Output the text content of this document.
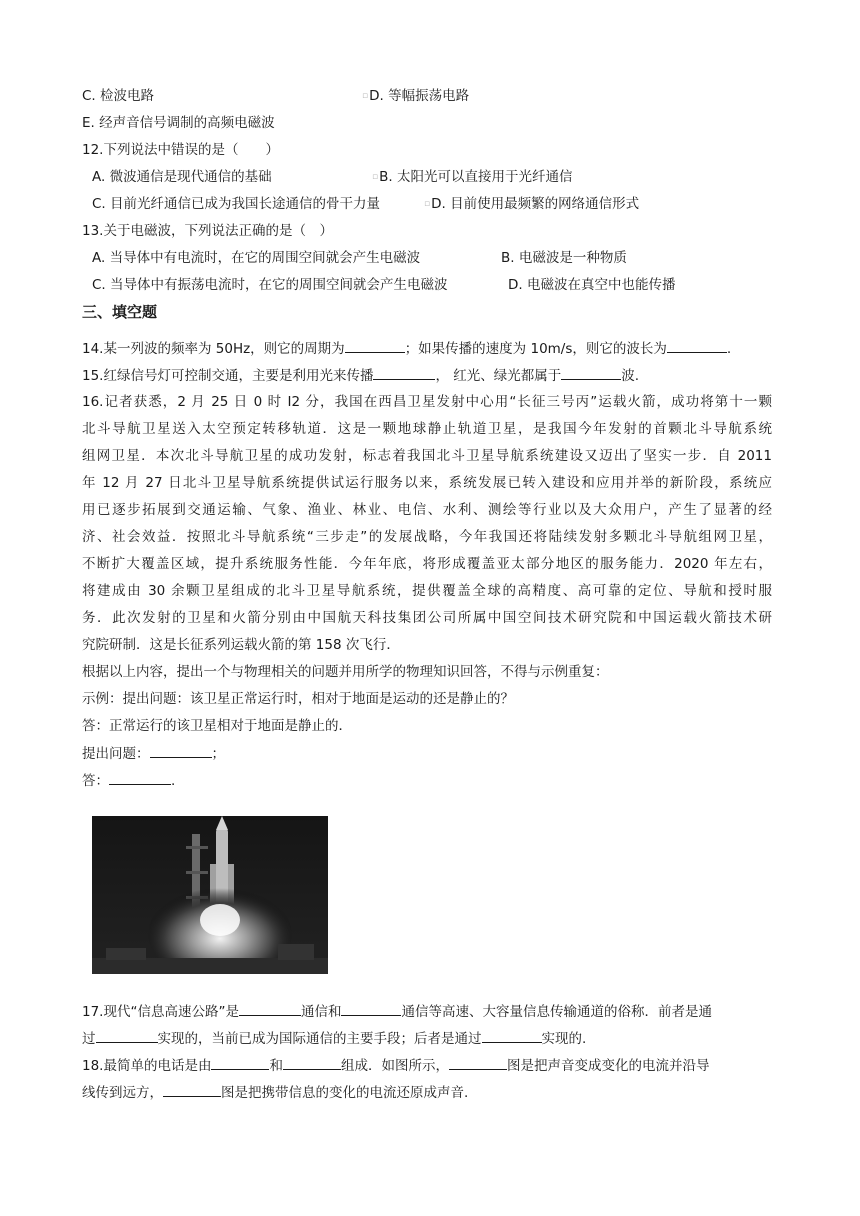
C. 检波电路	▫D. 等幅振荡电路
E. 经声音信号调制的高频电磁波
12.下列说法中错误的是（　　）
A. 微波通信是现代通信的基础	▫B. 太阳光可以直接用于光纤通信
C. 目前光纤通信已成为我国长途通信的骨干力量	▫D. 目前使用最频繁的网络通信形式
13.关于电磁波，下列说法正确的是（　）
A. 当导体中有电流时，在它的周围空间就会产生电磁波	B. 电磁波是一种物质
C. 当导体中有振荡电流时，在它的周围空间就会产生电磁波	D. 电磁波在真空中也能传播
三、填空题
14.某一列波的频率为 50Hz，则它的周期为	；如果传播的速度为 10m/s，则它的波长为	.
15.红绿信号灯可控制交通，主要是利用光来传播	， 红光、绿光都属于	波.
16.记者获悉，2 月 25 日 0 时 I2 分，我国在西昌卫星发射中心用“长征三号丙”运载火箭，成功将第十一颗
北斗导航卫星送入太空预定转移轨道．这是一颗地球静止轨道卫星，是我国今年发射的首颗北斗导航系统
组网卫星．本次北斗导航卫星的成功发射，标志着我国北斗卫星导航系统建设又迈出了坚实一步．自 2011
年 12 月 27 日北斗卫星导航系统提供试运行服务以来，系统发展已转入建设和应用并举的新阶段，系统应
用已逐步拓展到交通运输、气象、渔业、林业、电信、水利、测绘等行业以及大众用户，产生了显著的经
济、社会效益．按照北斗导航系统“三步走”的发展战略，今年我国还将陆续发射多颗北斗导航组网卫星，
不断扩大覆盖区域，提升系统服务性能．今年年底，将形成覆盖亚太部分地区的服务能力．2020 年左右，
将建成由 30 余颗卫星组成的北斗卫星导航系统，提供覆盖全球的高精度、高可靠的定位、导航和授时服
务．此次发射的卫星和火箭分别由中国航天科技集团公司所属中国空间技术研究院和中国运载火箭技术研
究院研制．这是长征系列运载火箭的第 158 次飞行．
根据以上内容，提出一个与物理相关的问题并用所学的物理知识回答，不得与示例重复：
示例：提出问题：该卫星正常运行时，相对于地面是运动的还是静止的？
答：正常运行的该卫星相对于地面是静止的．
提出问题：	；
答：	.
17.现代“信息高速公路”是	通信和	通信等高速、大容量信息传输通道的俗称．前者是通
过	实现的，当前已成为国际通信的主要手段；后者是通过	实现的.
18.最简单的电话是由	和	组成．如图所示，	图是把声音变成变化的电流并沿导
线传到远方，	图是把携带信息的变化的电流还原成声音.
